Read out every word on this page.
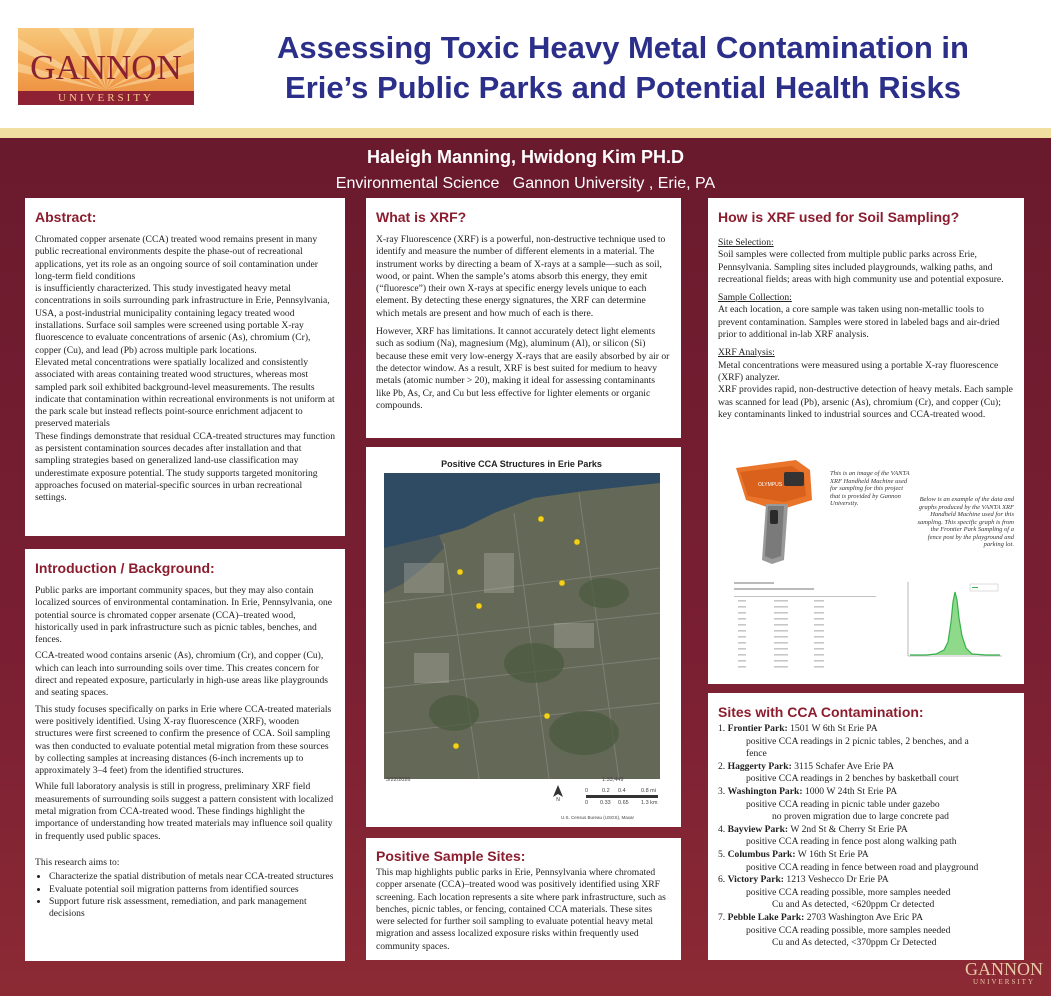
GANNON
UNIVERSITY
Assessing Toxic Heavy Metal Contamination in
Erie’s Public Parks and Potential Health Risks
Haleigh Manning, Hwidong Kim PH.D
Environmental Science   Gannon University , Erie, PA
Abstract:

Chromated copper arsenate (CCA) treated wood remains present in many public recreational environments despite the phase-out of recreational applications, yet its role as an ongoing source of soil contamination under long-term field conditions

is insufficiently characterized. This study investigated heavy metal concentrations in soils surrounding park infrastructure in Erie, Pennsylvania, USA, a post-industrial municipality containing legacy treated wood installations. Surface soil samples were screened using portable X-ray fluorescence to evaluate concentrations of arsenic (As), chromium (Cr), copper (Cu), and lead (Pb) across multiple park locations.

Elevated metal concentrations were spatially localized and consistently associated with areas containing treated wood structures, whereas most sampled park soil exhibited background-level measurements. The results indicate that contamination within recreational environments is not uniform at the park scale but instead reflects point-source enrichment adjacent to preserved materials

These findings demonstrate that residual CCA-treated structures may function as persistent contamination sources decades after installation and that sampling strategies based on generalized land-use classification may underestimate exposure potential. The study supports targeted monitoring approaches focused on material-specific sources in urban recreational settings.

Introduction / Background:

Public parks are important community spaces, but they may also contain localized sources of environmental contamination. In Erie, Pennsylvania, one potential source is chromated copper arsenate (CCA)–treated wood, historically used in park infrastructure such as picnic tables, benches, and fences.

CCA-treated wood contains arsenic (As), chromium (Cr), and copper (Cu), which can leach into surrounding soils over time. This creates concern for direct and repeated exposure, particularly in high-use areas like playgrounds and seating spaces.

This study focuses specifically on parks in Erie where CCA-treated materials were positively identified. Using X-ray fluorescence (XRF), wooden structures were first screened to confirm the presence of CCA. Soil sampling was then conducted to evaluate potential metal migration from these sources by collecting samples at increasing distances (6-inch increments up to approximately 3–4 feet) from the identified structures.

While full laboratory analysis is still in progress, preliminary XRF field measurements of surrounding soils suggest a pattern consistent with localized metal migration from CCA-treated wood. These findings highlight the importance of understanding how treated materials may influence soil quality in frequently used public spaces.

This research aims to:

• Characterize the spatial distribution of metals near CCA-treated structures
• Evaluate potential soil migration patterns from identified sources
• Support future risk assessment, remediation, and park management decisions
What is XRF?

X-ray Fluorescence (XRF) is a powerful, non-destructive technique used to identify and measure the number of different elements in a material. The instrument works by directing a beam of X-rays at a sample—such as soil, wood, or paint. When the sample’s atoms absorb this energy, they emit (“fluoresce”) their own X-rays at specific energy levels unique to each element. By detecting these energy signatures, the XRF can determine which metals are present and how much of each is there.

However, XRF has limitations. It cannot accurately detect light elements such as sodium (Na), magnesium (Mg), aluminum (Al), or silicon (Si) because these emit very low-energy X-rays that are easily absorbed by air or the detector window. As a result, XRF is best suited for medium to heavy metals (atomic number > 20), making it ideal for assessing contaminants like Pb, As, Cr, and Cu but less effective for lighter elements or organic compounds.

Positive CCA Structures in Erie Parks
3/22/2026	1:33,449
N
0	0.2 0.4	0.8 mi
0 0.33 0.65 1.3 km
U.S. Census Bureau (USGS), Maxar
Positive Sample Sites:

This map highlights public parks in Erie, Pennsylvania where chromated copper arsenate (CCA)–treated wood was positively identified using XRF screening. Each location represents a site where park infrastructure, such as benches, picnic tables, or fencing, contained CCA materials. These sites were selected for further soil sampling to evaluate potential heavy metal migration and assess localized exposure risks within frequently used community spaces.

How is XRF used for Soil Sampling?

Site Selection:

Soil samples were collected from multiple public parks across Erie, Pennsylvania. Sampling sites included playgrounds, walking paths, and recreational fields; areas with high community use and potential exposure.

Sample Collection:

At each location, a core sample was taken using non-metallic tools to prevent contamination. Samples were stored in labeled bags and air-dried prior to additional in-lab XRF analysis.

XRF Analysis:

Metal concentrations were measured using a portable X-ray fluorescence (XRF) analyzer.

XRF provides rapid, non-destructive detection of heavy metals. Each sample was scanned for lead (Pb), arsenic (As), chromium (Cr), and copper (Cu); key contaminants linked to industrial sources and CCA-treated wood.

OLYMPUS
This is an image of the VANTA XRF Handheld Machine used for sampling for this project that is provided by Gannon University.
Below is an example of the data and graphs produced by the VANTA XRF Handheld Machine used for this sampling. This specific graph is from the Frontier Park Sampling of a fence post by the playground and parking lot.
Sites with CCA Contamination:
1. Frontier Park: 1501 W 6th St Erie PA
positive CCA readings in 2 picnic tables, 2 benches, and a
fence
2. Haggerty Park: 3115 Schafer Ave Erie PA
positive CCA readings in 2 benches by basketball court
3. Washington Park: 1000 W 24th St Erie PA
positive CCA reading in picnic table under gazebo
no proven migration due to large concrete pad
4. Bayview Park: W 2nd St & Cherry St Erie PA
positive CCA reading in fence post along walking path
5. Columbus Park: W 16th St Erie PA
positive CCA reading in fence between road and playground
6. Victory Park: 1213 Veshecco Dr Erie PA
positive CCA reading possible, more samples needed
Cu and As detected, <620ppm Cr detected
7. Pebble Lake Park: 2703 Washington Ave Eric PA
positive CCA reading possible, more samples needed
Cu and As detected, <370ppm Cr Detected
GANNON
UNIVERSITY
